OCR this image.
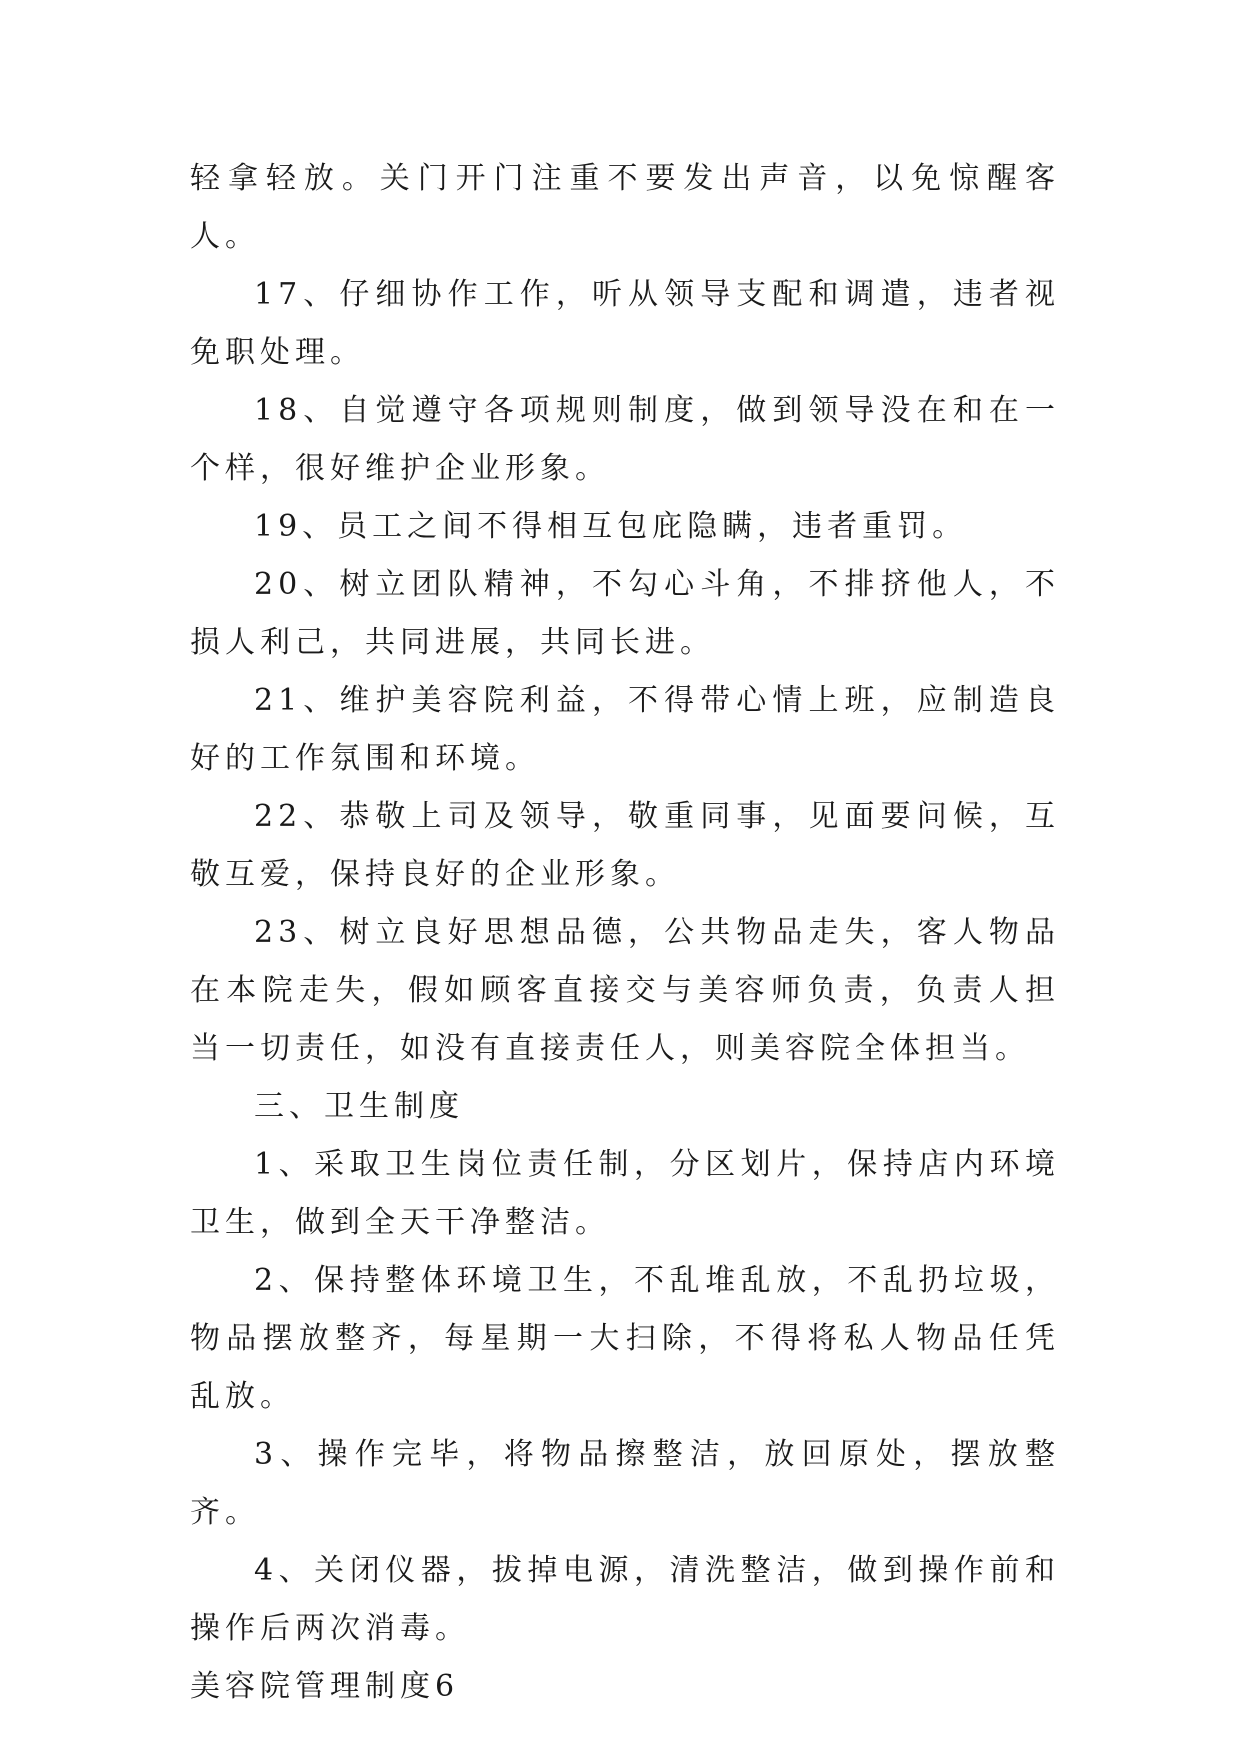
轻拿轻放。关门开门注重不要发出声音，以免惊醒客人。

17、仔细协作工作，听从领导支配和调遣，违者视免职处理。

18、自觉遵守各项规则制度，做到领导没在和在一个样，很好维护企业形象。

19、员工之间不得相互包庇隐瞒，违者重罚。

20、树立团队精神，不勾心斗角，不排挤他人，不损人利己，共同进展，共同长进。

21、维护美容院利益，不得带心情上班，应制造良好的工作氛围和环境。

22、恭敬上司及领导，敬重同事，见面要问候，互敬互爱，保持良好的企业形象。

23、树立良好思想品德，公共物品走失，客人物品在本院走失，假如顾客直接交与美容师负责，负责人担当一切责任，如没有直接责任人，则美容院全体担当。

三、卫生制度

1、采取卫生岗位责任制，分区划片，保持店内环境卫生，做到全天干净整洁。

2、保持整体环境卫生，不乱堆乱放，不乱扔垃圾，物品摆放整齐，每星期一大扫除，不得将私人物品任凭乱放。

3、操作完毕，将物品擦整洁，放回原处，摆放整齐。

4、关闭仪器，拔掉电源，清洗整洁，做到操作前和操作后两次消毒。

美容院管理制度6
